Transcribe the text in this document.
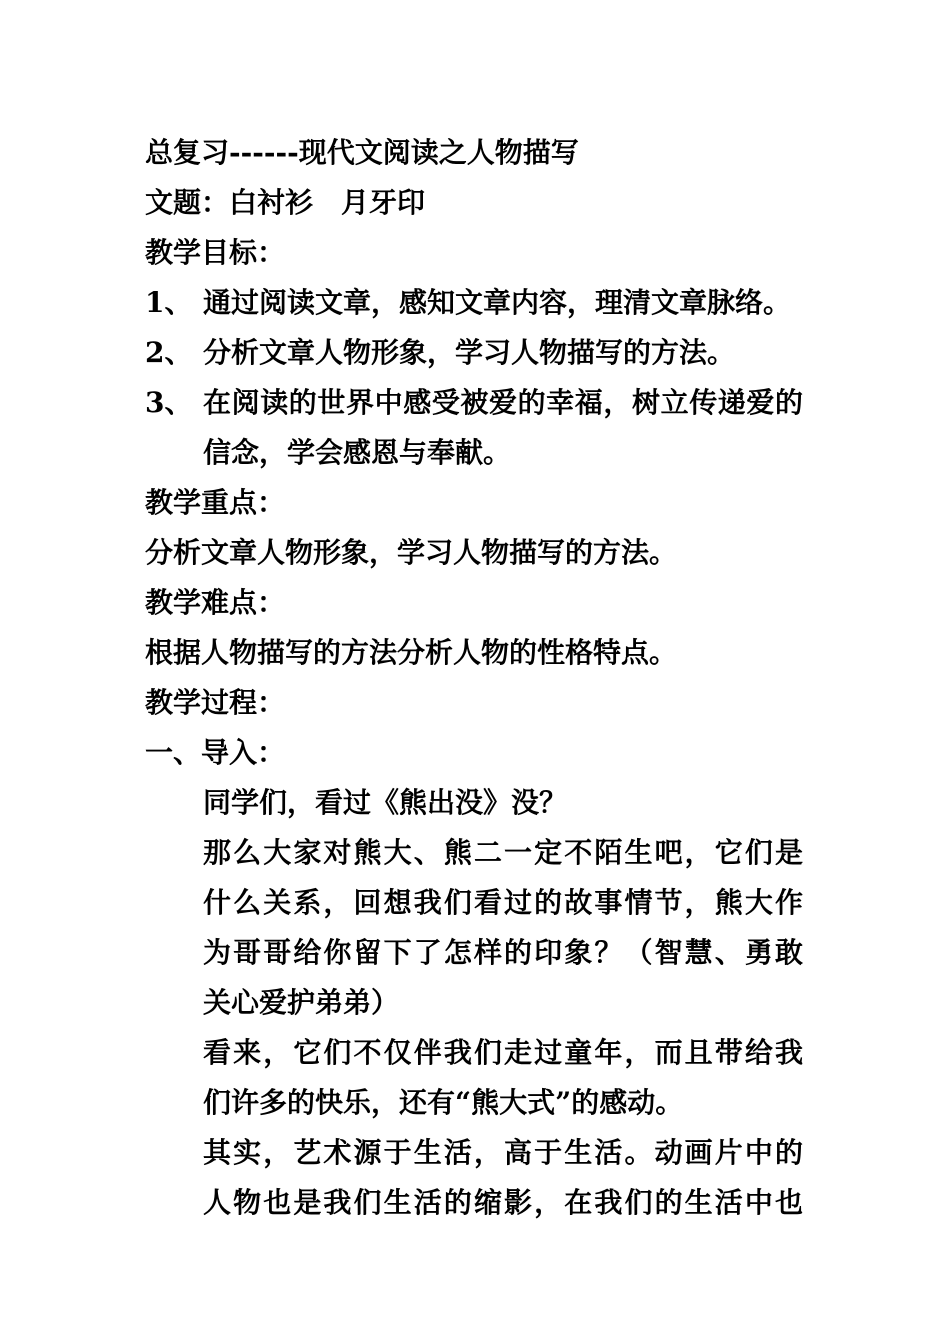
总复习------现代文阅读之人物描写
文题：白衬衫　月牙印
教学目标：
1、 通过阅读文章，感知文章内容，理清文章脉络。
2、 分析文章人物形象，学习人物描写的方法。
3、 在阅读的世界中感受被爱的幸福，树立传递爱的
信念，学会感恩与奉献。
教学重点：
分析文章人物形象，学习人物描写的方法。
教学难点：
根据人物描写的方法分析人物的性格特点。
教学过程：
一、导入：
同学们，看过《熊出没》没？
那么大家对熊大、熊二一定不陌生吧，它们是
什么关系，回想我们看过的故事情节，熊大作
为哥哥给你留下了怎样的印象？（智慧、勇敢
关心爱护弟弟）
看来，它们不仅伴我们走过童年，而且带给我
们许多的快乐，还有“熊大式”的感动。
其实，艺术源于生活，高于生活。动画片中的
人物也是我们生活的缩影，在我们的生活中也
